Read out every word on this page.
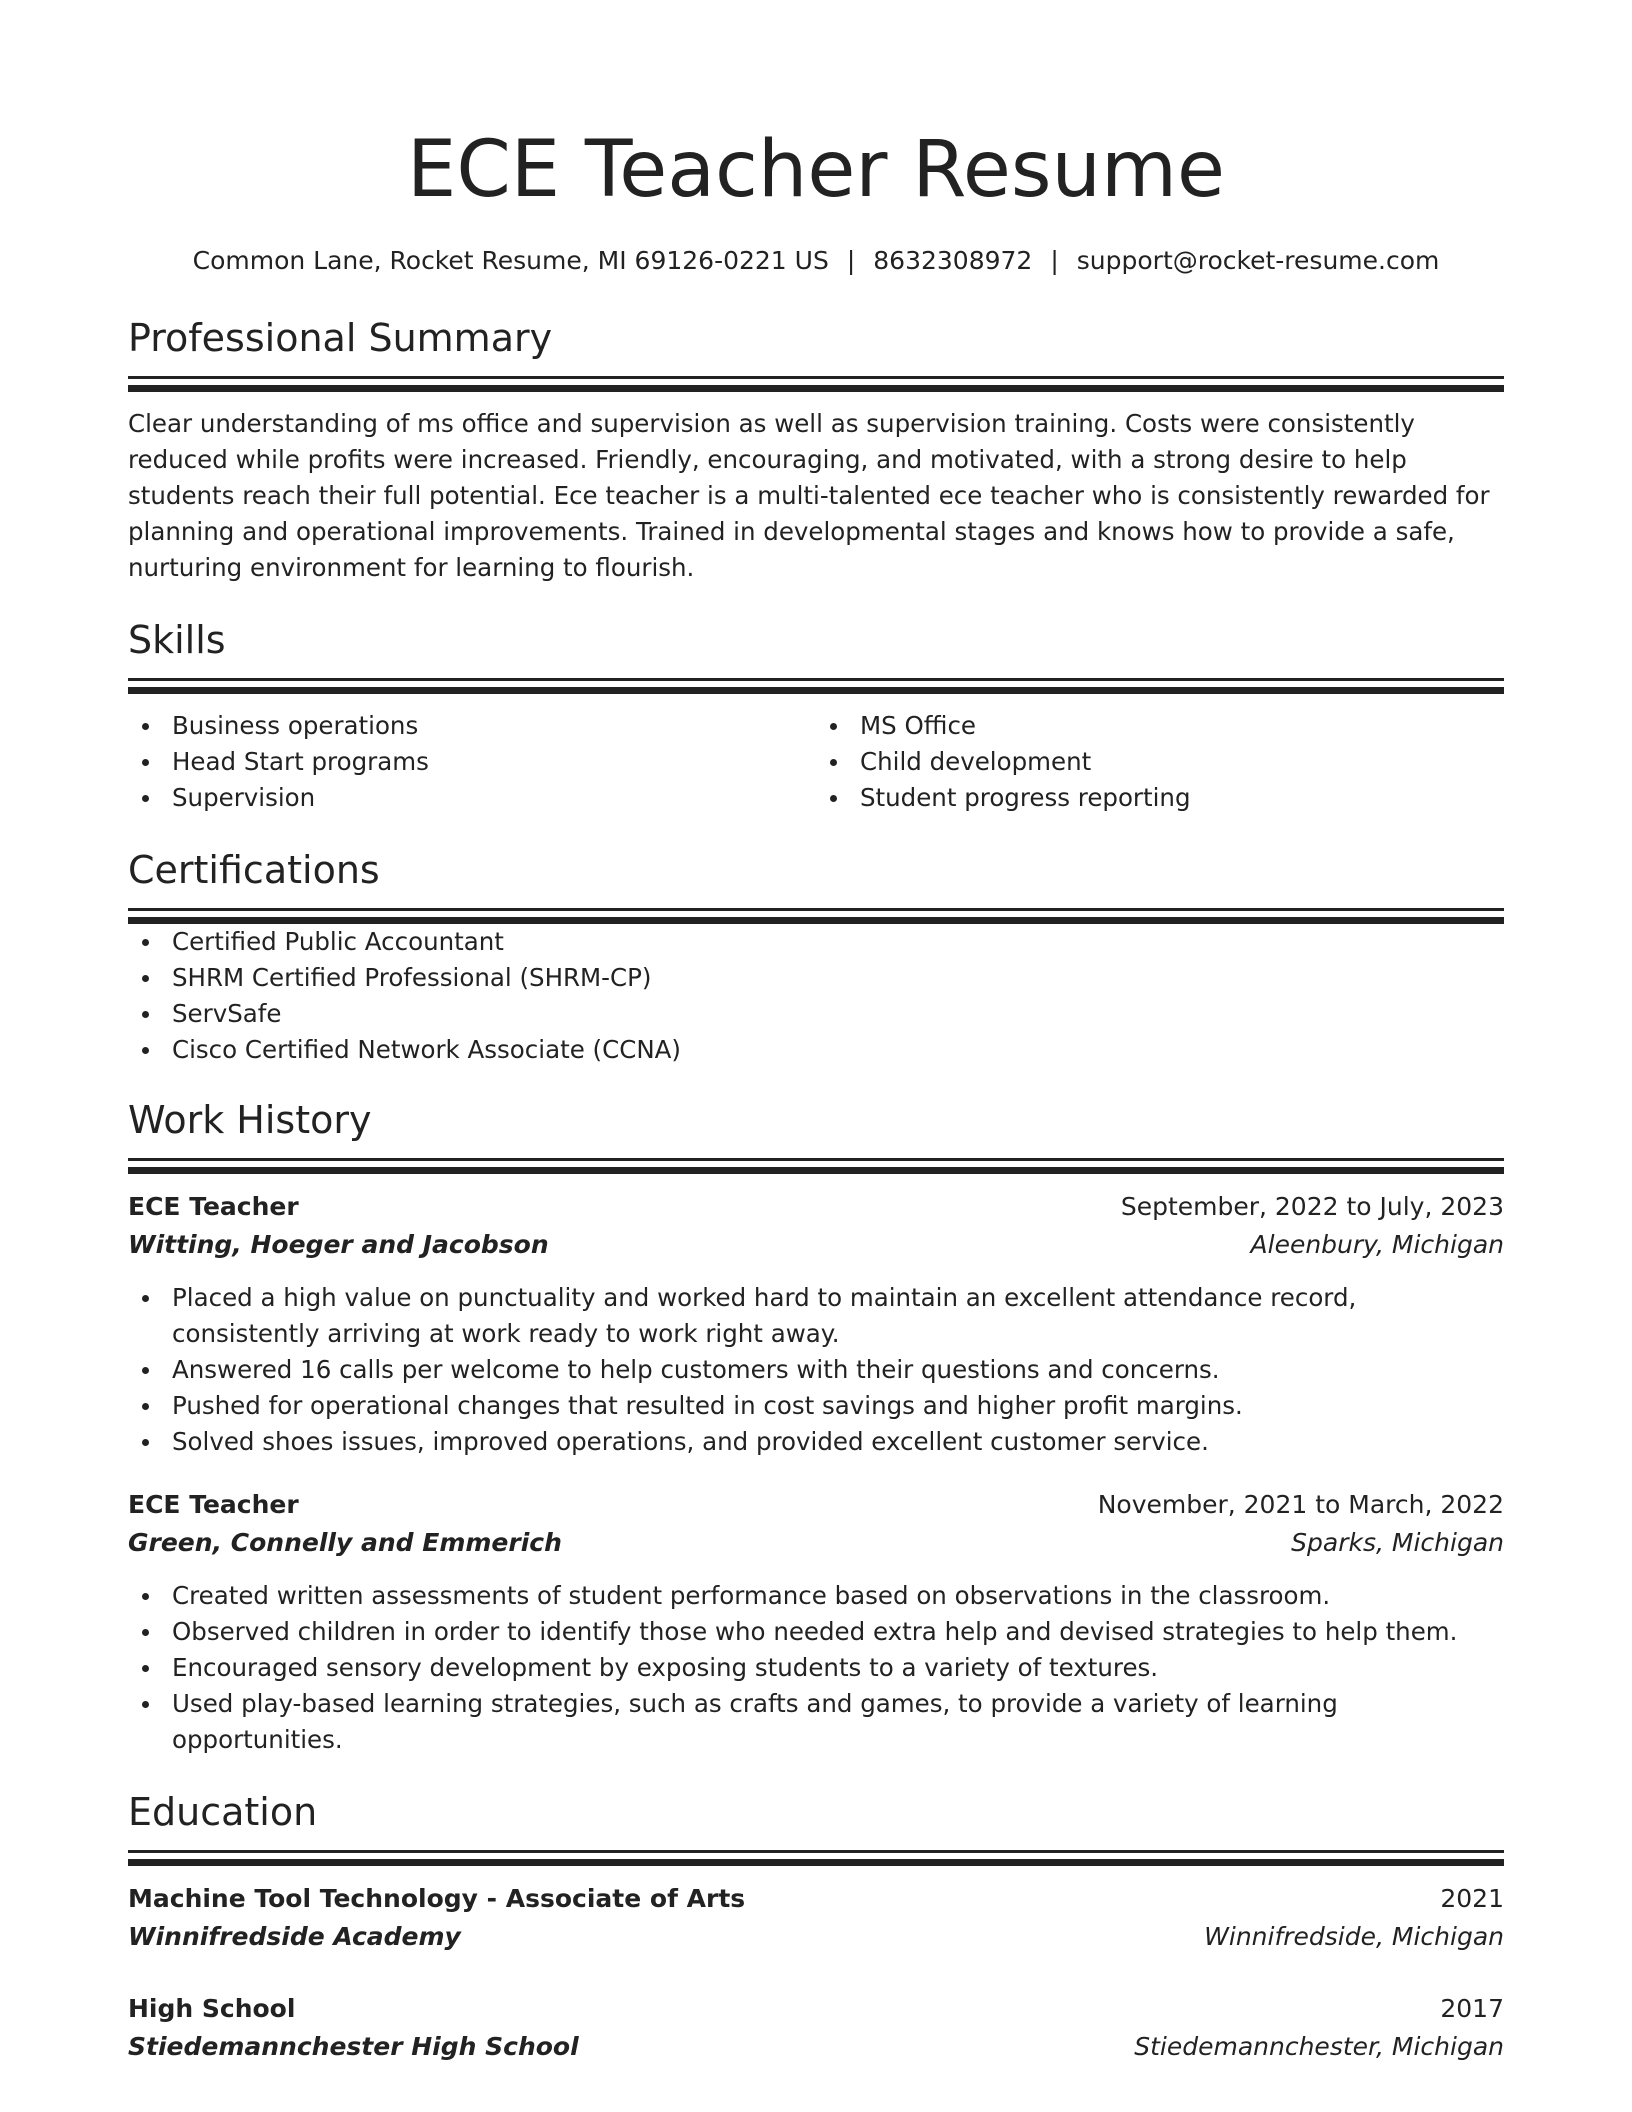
ECE Teacher Resume
Common Lane, Rocket Resume, MI 69126-0221 US | 8632308972 | support@rocket-resume.com
Professional Summary

Clear understanding of ms office and supervision as well as supervision training. Costs were consistently reduced while profits were increased. Friendly, encouraging, and motivated, with a strong desire to help students reach their full potential. Ece teacher is a multi-talented ece teacher who is consistently rewarded for planning and operational improvements. Trained in developmental stages and knows how to provide a safe, nurturing environment for learning to flourish.

Skills
Business operations
Head Start programs
Supervision
MS Office
Child development
Student progress reporting
Certifications
Certified Public Accountant
SHRM Certified Professional (SHRM-CP)
ServSafe
Cisco Certified Network Associate (CCNA)
Work History
ECE Teacher	September, 2022 to July, 2023
Witting, Hoeger and Jacobson	Aleenbury, Michigan
Placed a high value on punctuality and worked hard to maintain an excellent attendance record, consistently arriving at work ready to work right away.
Answered 16 calls per welcome to help customers with their questions and concerns.
Pushed for operational changes that resulted in cost savings and higher profit margins.
Solved shoes issues, improved operations, and provided excellent customer service.
ECE Teacher	November, 2021 to March, 2022
Green, Connelly and Emmerich	Sparks, Michigan
Created written assessments of student performance based on observations in the classroom.
Observed children in order to identify those who needed extra help and devised strategies to help them.
Encouraged sensory development by exposing students to a variety of textures.
Used play-based learning strategies, such as crafts and games, to provide a variety of learning opportunities.
Education
Machine Tool Technology - Associate of Arts	2021
Winnifredside Academy	Winnifredside, Michigan
High School	2017
Stiedemannchester High School	Stiedemannchester, Michigan
